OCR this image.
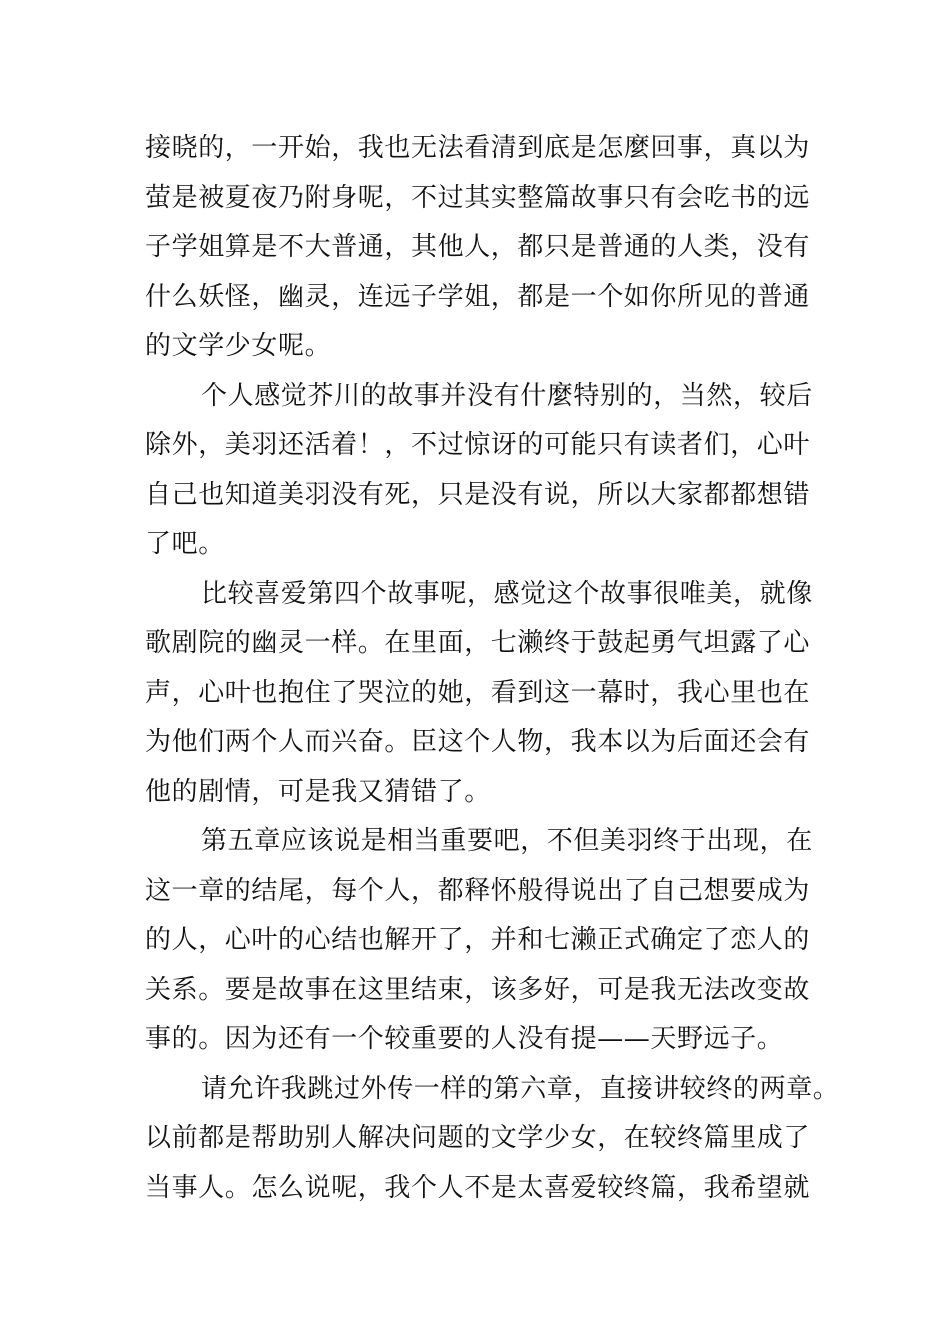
接晓的，一开始，我也无法看清到底是怎麼回事，真以为
萤是被夏夜乃附身呢，不过其实整篇故事只有会吃书的远
子学姐算是不大普通，其他人，都只是普通的人类，没有
什么妖怪，幽灵，连远子学姐，都是一个如你所见的普通
的文学少女呢。
个人感觉芥川的故事并没有什麼特别的，当然，较后
除外，美羽还活着！，不过惊讶的可能只有读者们，心叶
自己也知道美羽没有死，只是没有说，所以大家都都想错
了吧。
比较喜爱第四个故事呢，感觉这个故事很唯美，就像
歌剧院的幽灵一样。在里面，七濑终于鼓起勇气坦露了心
声，心叶也抱住了哭泣的她，看到这一幕时，我心里也在
为他们两个人而兴奋。臣这个人物，我本以为后面还会有
他的剧情，可是我又猜错了。
第五章应该说是相当重要吧，不但美羽终于出现，在
这一章的结尾，每个人，都释怀般得说出了自己想要成为
的人，心叶的心结也解开了，并和七濑正式确定了恋人的
关系。要是故事在这里结束，该多好，可是我无法改变故
事的。因为还有一个较重要的人没有提——天野远子。
请允许我跳过外传一样的第六章，直接讲较终的两章。
以前都是帮助别人解决问题的文学少女，在较终篇里成了
当事人。怎么说呢，我个人不是太喜爱较终篇，我希望就
